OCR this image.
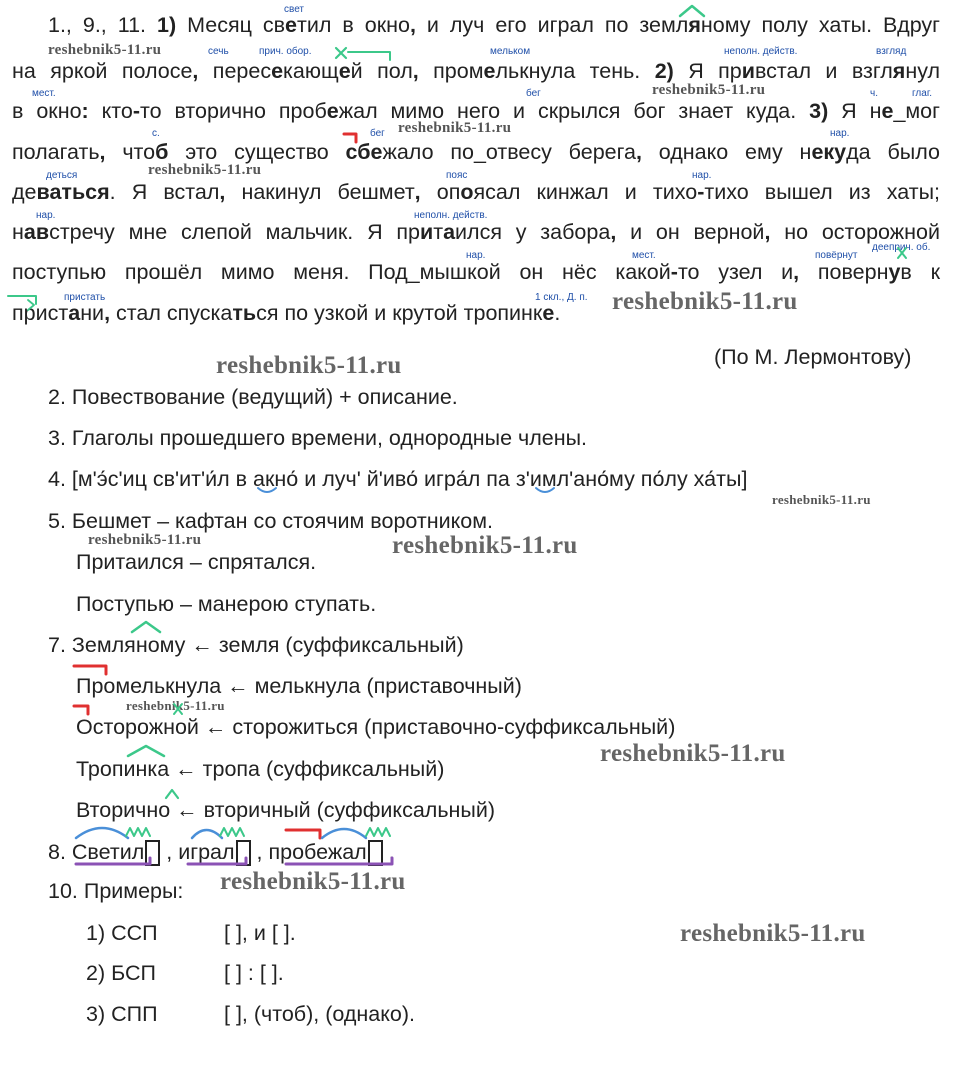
1., 9., 11. 1) Месяц светил в окно, и луч его играл по земляному полу хаты. Вдруг
на яркой полосе, пересекающей пол, промелькнула тень. 2) Я привстал и взглянул
в окно: кто-то вторично пробежал мимо него и скрылся бог знает куда. 3) Я не_мог
полагать, чтоб это существо сбежало по_отвесу берега, однако ему некуда было
деваться. Я встал, накинул бешмет, опоясал кинжал и тихо-тихо вышел из хаты;
навстречу мне слепой мальчик. Я притаился у забора, и он верной, но осторожной
поступью прошёл мимо меня. Под_мышкой он нёс какой-то узел и, повернув к
пристани, стал спускаться по узкой и крутой тропинке.
(По М. Лермонтову)
свет
сечь	прич. обор.	мельком	неполн. действ.	взгляд
мест.	бег	ч.	глаг.
с.	бег	нар.
деться	пояс	нар.
нар.	неполн. действ.
нар.	мест.	повёрнут
дееприч. об.
пристать	1 скл., Д. п.
2. Повествование (ведущий) + описание.
3. Глаголы прошедшего времени, однородные члены.
4. [м'э́с'иц св'ит'и́л в акно́ и луч' й'иво́ игра́л па з'имл'ано́му по́лу ха́ты]
5. Бешмет – кафтан со стоячим воротником.
Притаился – спрятался.
Поступью – манерою ступать.
7. Земляному ← земля (суффиксальный)
Промелькнула ← мелькнула (приставочный)
Осторожной ← сторожиться (приставочно-суффиксальный)
Тропинка ← тропа (суффиксальный)
Вторично ← вторичный (суффиксальный)
8. Светил , играл , пробежал .
10. Примеры:
1) ССП	[ ], и [ ].
2) БСП	[ ] : [ ].
3) СПП	[ ], (чтоб), (однако).
reshebnik5-11.ru
reshebnik5-11.ru
reshebnik5-11.ru
reshebnik5-11.ru
reshebnik5-11.ru
reshebnik5-11.ru
reshebnik5-11.ru
reshebnik5-11.ru	reshebnik5-11.ru
reshebnik5-11.ru
reshebnik5-11.ru
reshebnik5-11.ru
reshebnik5-11.ru
